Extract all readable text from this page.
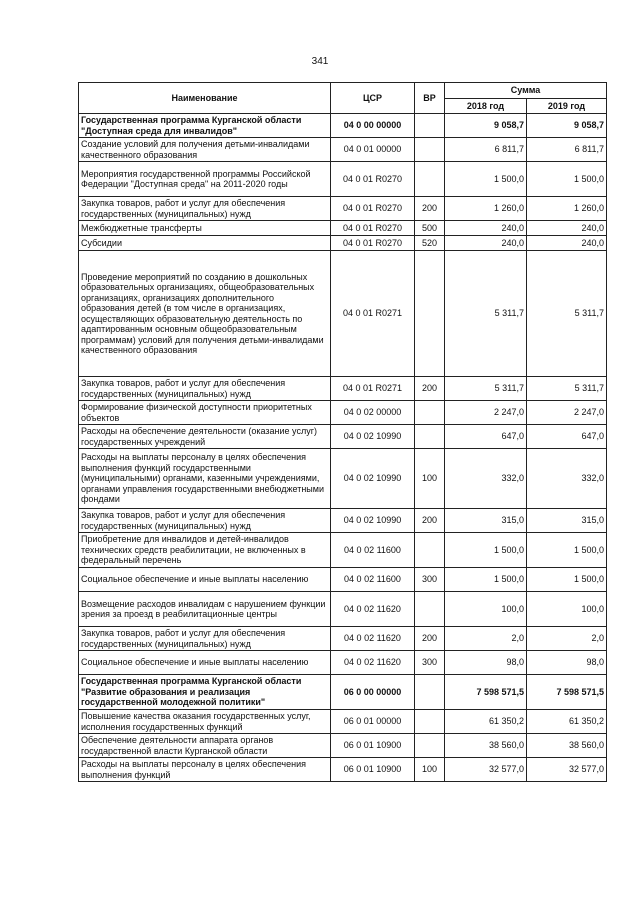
341
Наименование	ЦСР	ВР	Сумма	
			2018 год	2019 год
Государственная программа Курганской области "Доступная среда для инвалидов"	04 0 00 00000		9 058,7	9 058,7
Создание условий для получения детьми-инвалидами качественного образования	04 0 01 00000		6 811,7	6 811,7
Мероприятия государственной программы Российской Федерации "Доступная среда" на 2011-2020 годы	04 0 01 R0270		1 500,0	1 500,0
Закупка товаров, работ и услуг для обеспечения государственных (муниципальных) нужд	04 0 01 R0270	200	1 260,0	1 260,0
Межбюджетные трансферты	04 0 01 R0270	500	240,0	240,0
Субсидии	04 0 01 R0270	520	240,0	240,0
Проведение мероприятий по созданию в дошкольных образовательных организациях, общеобразовательных организациях, организациях дополнительного образования детей (в том числе в организациях, осуществляющих образовательную деятельность по адаптированным основным общеобразовательным программам) условий для получения детьми-инвалидами качественного образования	04 0 01 R0271		5 311,7	5 311,7
Закупка товаров, работ и услуг для обеспечения государственных (муниципальных) нужд	04 0 01 R0271	200	5 311,7	5 311,7
Формирование физической доступности приоритетных объектов	04 0 02 00000		2 247,0	2 247,0
Расходы на обеспечение деятельности (оказание услуг) государственных учреждений	04 0 02 10990		647,0	647,0
Расходы на выплаты персоналу в целях обеспечения выполнения функций государственными (муниципальными) органами, казенными учреждениями, органами управления государственными внебюджетными фондами	04 0 02 10990	100	332,0	332,0
Закупка товаров, работ и услуг для обеспечения государственных (муниципальных) нужд	04 0 02 10990	200	315,0	315,0
Приобретение для инвалидов и детей-инвалидов технических средств реабилитации, не включенных в федеральный перечень	04 0 02 11600		1 500,0	1 500,0
Социальное обеспечение и иные выплаты населению	04 0 02 11600	300	1 500,0	1 500,0
Возмещение расходов инвалидам с нарушением функции зрения за проезд в реабилитационные центры	04 0 02 11620		100,0	100,0
Закупка товаров, работ и услуг для обеспечения государственных (муниципальных) нужд	04 0 02 11620	200	2,0	2,0
Социальное обеспечение и иные выплаты населению	04 0 02 11620	300	98,0	98,0
Государственная программа Курганской области "Развитие образования и реализация государственной молодежной политики"	06 0 00 00000		7 598 571,5	7 598 571,5
Повышение качества оказания государственных услуг, исполнения государственных функций	06 0 01 00000		61 350,2	61 350,2
Обеспечение деятельности аппарата органов государственной власти Курганской области	06 0 01 10900		38 560,0	38 560,0
Расходы на выплаты персоналу в целях обеспечения выполнения функций	06 0 01 10900	100	32 577,0	32 577,0
